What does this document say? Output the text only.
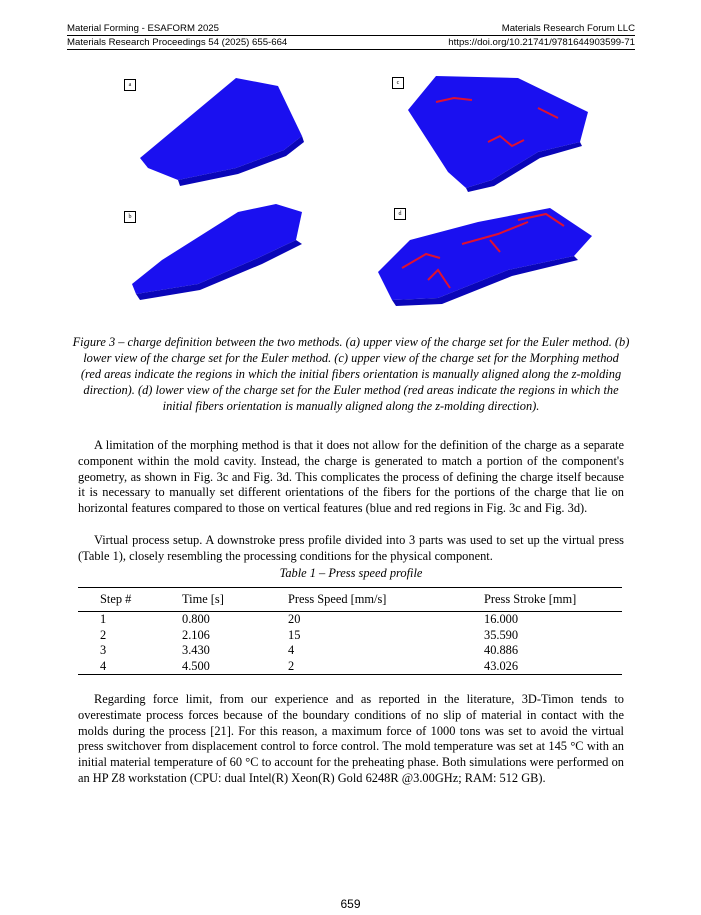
Material Forming - ESAFORM 2025	Materials Research Forum LLC
Materials Research Proceedings 54 (2025) 655-664	https://doi.org/10.21741/9781644903599-71
a	c
b	d
Figure 3 – charge definition between the two methods. (a) upper view of the charge set for the Euler method. (b) lower view of the charge set for the Euler method. (c) upper view of the charge set for the Morphing method (red areas indicate the regions in which the initial fibers orientation is manually aligned along the z-molding direction). (d) lower view of the charge set for the Euler method (red areas indicate the regions in which the initial fibers orientation is manually aligned along the z-molding direction).
A limitation of the morphing method is that it does not allow for the definition of the charge as a separate component within the mold cavity. Instead, the charge is generated to match a portion of the component's geometry, as shown in Fig. 3c and Fig. 3d. This complicates the process of defining the charge itself because it is necessary to manually set different orientations of the fibers for the portions of the charge that lie on horizontal features compared to those on vertical features (blue and red regions in Fig. 3c and Fig. 3d).
Virtual process setup. A downstroke press profile divided into 3 parts was used to set up the virtual press (Table 1), closely resembling the processing conditions for the physical component.
Table 1 – Press speed profile
Step #	Time [s]	Press Speed [mm/s]	Press Stroke [mm]
1	0.800	20	16.000
2	2.106	15	35.590
3	3.430	4	40.886
4	4.500	2	43.026
Regarding force limit, from our experience and as reported in the literature, 3D-Timon tends to overestimate process forces because of the boundary conditions of no slip of material in contact with the molds during the process [21]. For this reason, a maximum force of 1000 tons was set to avoid the virtual press switchover from displacement control to force control. The mold temperature was set at 145 °C with an initial material temperature of 60 °C to account for the preheating phase. Both simulations were performed on an HP Z8 workstation (CPU: dual Intel(R) Xeon(R) Gold 6248R @3.00GHz; RAM: 512 GB).
659
